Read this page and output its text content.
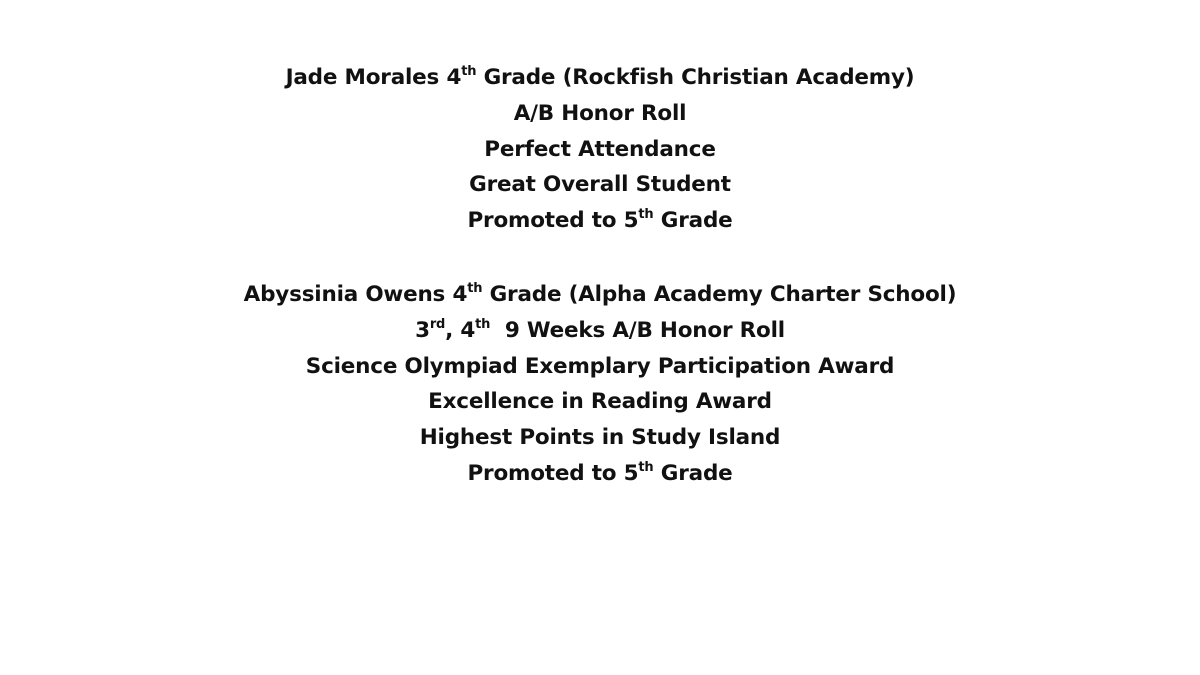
Jade Morales 4th Grade (Rockfish Christian Academy)
A/B Honor Roll
Perfect Attendance
Great Overall Student
Promoted to 5th Grade
Abyssinia Owens 4th Grade (Alpha Academy Charter School)
3rd, 4th  9 Weeks A/B Honor Roll
Science Olympiad Exemplary Participation Award
Excellence in Reading Award
Highest Points in Study Island
Promoted to 5th Grade
